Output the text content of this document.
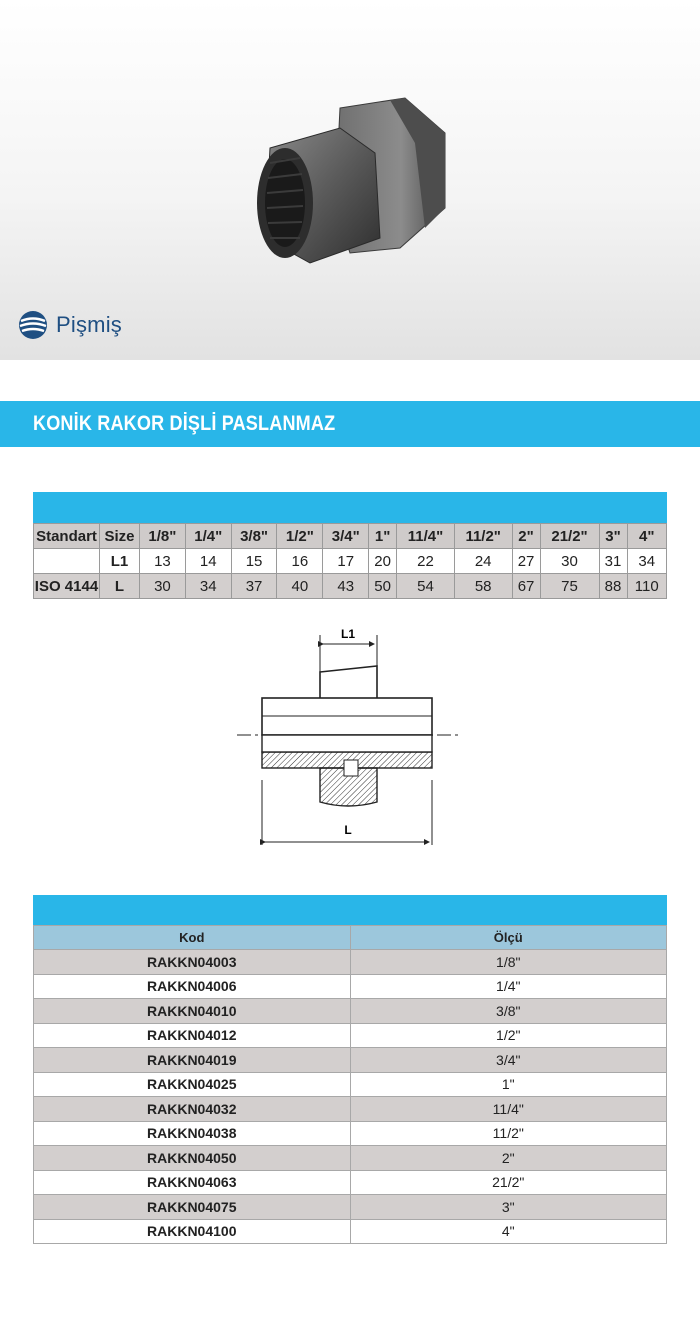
Pişmiş
KONİK RAKOR DİŞLİ PASLANMAZ
Standart	Size	1/8"	1/4"	3/8"	1/2"	3/4"	1"	11/4"	11/2"	2"	21/2"	3"	4"
	L1	13	14	15	16	17	20	22	24	27	30	31	34
ISO 4144	L	30	34	37	40	43	50	54	58	67	75	88	110
L1
L
Kod	Ölçü
RAKKN04003	1/8"
RAKKN04006	1/4"
RAKKN04010	3/8"
RAKKN04012	1/2"
RAKKN04019	3/4"
RAKKN04025	1"
RAKKN04032	11/4"
RAKKN04038	11/2"
RAKKN04050	2"
RAKKN04063	21/2"
RAKKN04075	3"
RAKKN04100	4"
